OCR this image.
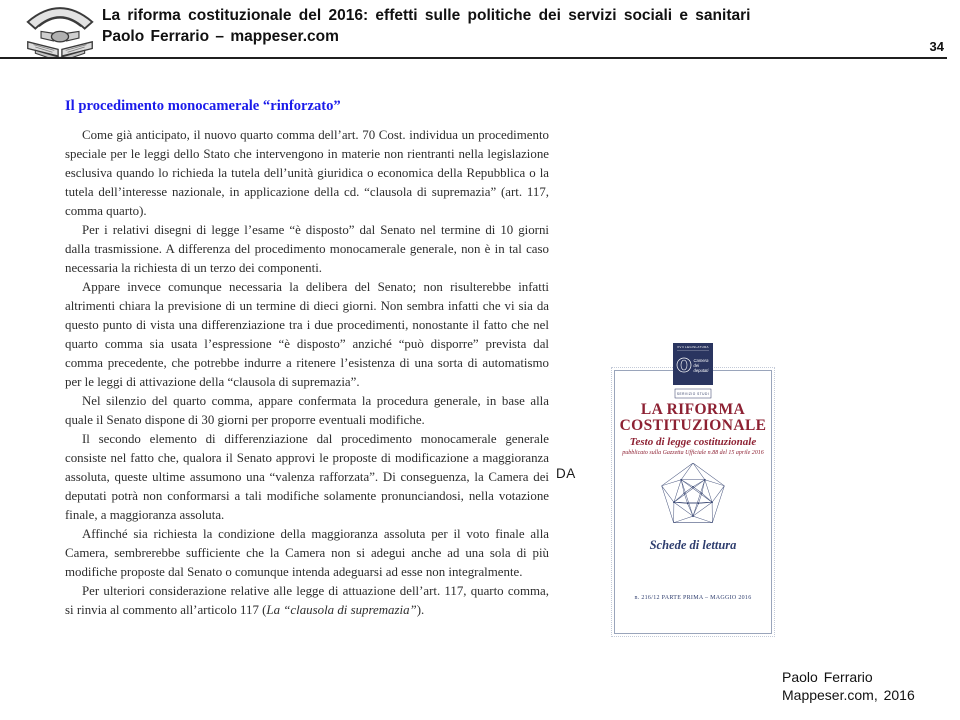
La riforma costituzionale del 2016: effetti sulle politiche dei servizi sociali e sanitari
Paolo Ferrario – mappeser.com
34
Il procedimento monocamerale “rinforzato”

Come già anticipato, il nuovo quarto comma dell’art. 70 Cost. individua un procedimento speciale per le leggi dello Stato che intervengono in materie non rientranti nella legislazione esclusiva quando lo richieda la tutela dell’unità giuridica o economica della Repubblica o la tutela dell’interesse nazionale, in applicazione della cd. “clausola di supremazia” (art. 117, comma quarto).

Per i relativi disegni di legge l’esame “è disposto” dal Senato nel termine di 10 giorni dalla trasmissione. A differenza del procedimento monocamerale generale, non è in tal caso necessaria la richiesta di un terzo dei componenti.

Appare invece comunque necessaria la delibera del Senato; non risulterebbe infatti altrimenti chiara la previsione di un termine di dieci giorni. Non sembra infatti che vi sia da questo punto di vista una differenziazione tra i due procedimenti, nonostante il fatto che nel quarto comma sia usata l’espressione “è disposto” anziché “può disporre” prevista dal comma precedente, che potrebbe indurre a ritenere l’esistenza di una sorta di automatismo per le leggi di attivazione della “clausola di supremazia”.

Nel silenzio del quarto comma, appare confermata la procedura generale, in base alla quale il Senato dispone di 30 giorni per proporre eventuali modifiche.

Il secondo elemento di differenziazione dal procedimento monocamerale generale consiste nel fatto che, qualora il Senato approvi le proposte di modificazione a maggioranza assoluta, queste ultime assumono una “valenza rafforzata”. Di conseguenza, la Camera dei deputati potrà non conformarsi a tali modifiche solamente pronunciandosi, nella votazione finale, a maggioranza assoluta.

Affinché sia richiesta la condizione della maggioranza assoluta per il voto finale alla Camera, sembrerebbe sufficiente che la Camera non si adegui anche ad una sola di più modifiche proposte dal Senato o comunque intenda adeguarsi ad esse non integralmente.

Per ulteriori considerazione relative alle legge di attuazione dell’art. 117, quarto comma, si rinvia al commento all’articolo 117 (La “clausola di supremazia”).

DA
XVII LEGISLATURA
Camera
dei
deputati
SERVIZIO STUDI
LA RIFORMA
COSTITUZIONALE
Testo di legge costituzionale
pubblicato sulla Gazzetta Ufficiale n.88 del 15 aprile 2016
Schede di lettura
n. 216/12 PARTE PRIMA – MAGGIO 2016
Paolo Ferrario
Mappeser.com, 2016
